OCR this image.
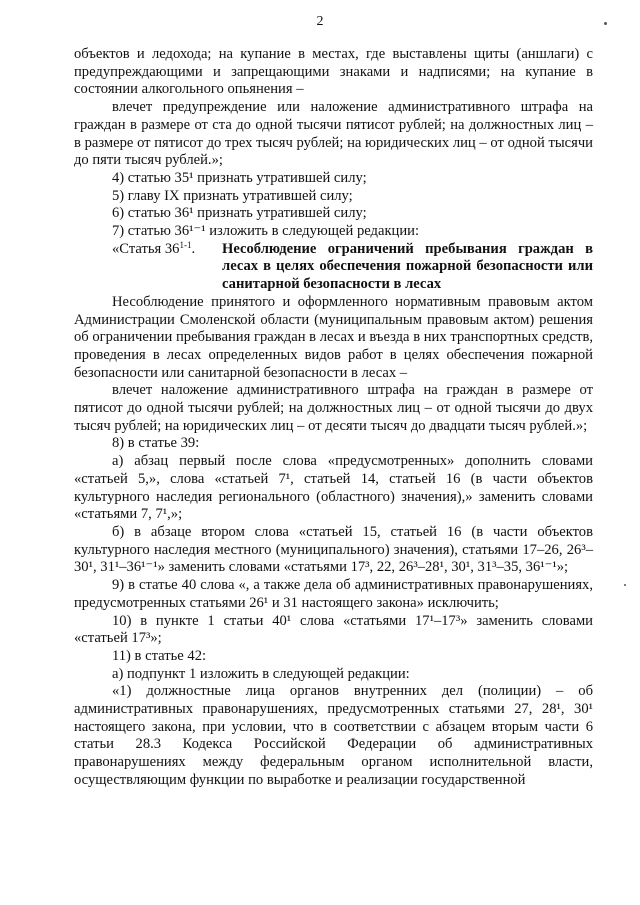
2

объектов и ледохода; на купание в местах, где выставлены щиты (аншлаги) с предупреждающими и запрещающими знаками и надписями; на купание в состоянии алкогольного опьянения –

влечет предупреждение или наложение административного штрафа на граждан в размере от ста до одной тысячи пятисот рублей; на должностных лиц – в размере от пятисот до трех тысяч рублей; на юридических лиц – от одной тысячи до пяти тысяч рублей.»;

4) статью 35¹ признать утратившей силу;

5) главу IX признать утратившей силу;

6) статью 36¹ признать утратившей силу;

7) статью 36¹⁻¹ изложить в следующей редакции:

«Статья 36$^{1-1}$.	Несоблюдение ограничений пребывания граждан в лесах в целях обеспечения пожарной безопасности или санитарной безопасности в лесах

Несоблюдение принятого и оформленного нормативным правовым актом Администрации Смоленской области (муниципальным правовым актом) решения об ограничении пребывания граждан в лесах и въезда в них транспортных средств, проведения в лесах определенных видов работ в целях обеспечения пожарной безопасности или санитарной безопасности в лесах –

влечет наложение административного штрафа на граждан в размере от пятисот до одной тысячи рублей; на должностных лиц – от одной тысячи до двух тысяч рублей; на юридических лиц – от десяти тысяч до двадцати тысяч рублей.»;

8) в статье 39:

а) абзац первый после слова «предусмотренных» дополнить словами «статьей 5,», слова «статьей 7¹, статьей 14, статьей 16 (в части объектов культурного наследия регионального (областного) значения),» заменить словами «статьями 7, 7¹,»;

б) в абзаце втором слова «статьей 15, статьей 16 (в части объектов культурного наследия местного (муниципального) значения), статьями 17–26, 26³–30¹, 31¹–36¹⁻¹» заменить словами «статьями 17³, 22, 26³–28¹, 30¹, 31³–35, 36¹⁻¹»;

9) в статье 40 слова «, а также дела об административных правонарушениях, предусмотренных статьями 26¹ и 31 настоящего закона» исключить;

10) в пункте 1 статьи 40¹ слова «статьями 17¹–17³» заменить словами «статьей 17³»;

11) в статье 42:

а) подпункт 1 изложить в следующей редакции:

«1) должностные лица органов внутренних дел (полиции) – об административных правонарушениях, предусмотренных статьями 27, 28¹, 30¹ настоящего закона, при условии, что в соответствии с абзацем вторым части 6 статьи 28.3 Кодекса Российской Федерации об административных правонарушениях между федеральным органом исполнительной власти, осуществляющим функции по выработке и реализации государственной
